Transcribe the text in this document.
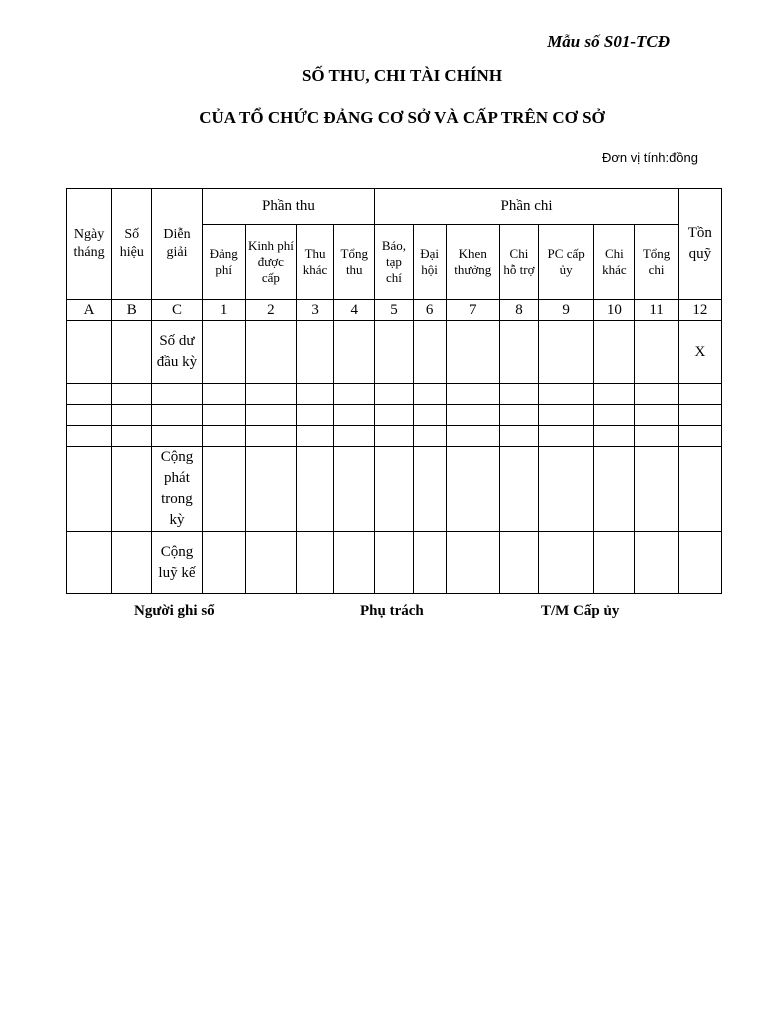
Mẫu số S01-TCĐ
SỐ THU, CHI TÀI CHÍNH
CỦA TỔ CHỨC ĐẢNG CƠ SỞ VÀ CẤP TRÊN CƠ SỞ
Đơn vị tính:đồng
Ngày tháng	Số hiệu	Diễn giải	Phần thu				Phần chi							Tồn quỹ
			Đảng phí	Kinh phí được cấp	Thu khác	Tổng thu	Báo, tạp chí	Đại hội	Khen thưởng	Chi hỗ trợ	PC cấp ủy	Chi khác	Tổng chi	
A	B	C	1	2	3	4	5	6	7	8	9	10	11	12
		Số dư đầu kỳ												X

		Cộng phát trong kỳ												
		Cộng luỹ kế												
Người ghi sổ	Phụ trách	T/M Cấp ủy
